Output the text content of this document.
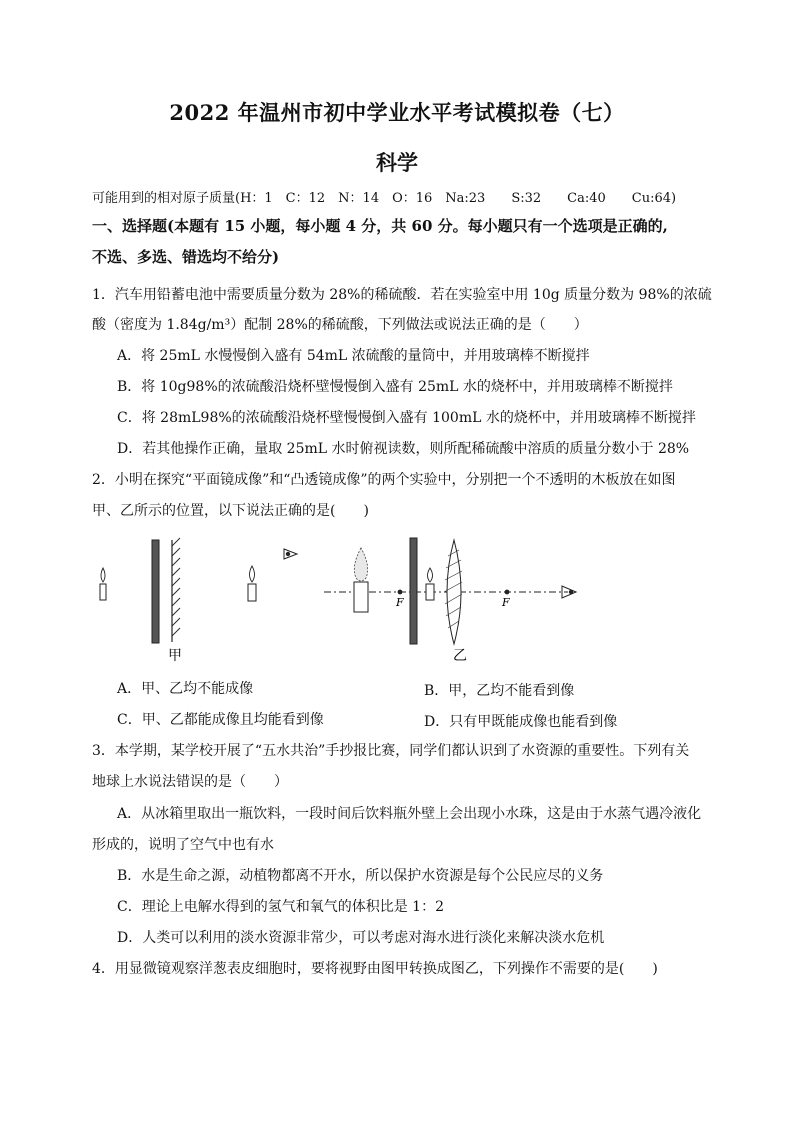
2022 年温州市初中学业水平考试模拟卷（七）
科学
可能用到的相对原子质量(H：1　C：12　N：14　O：16　Na:23　　S:32　　Ca:40　　Cu:64)
一、选择题(本题有 15 小题，每小题 4 分，共 60 分。每小题只有一个选项是正确的,
不选、多选、错选均不给分)
1．汽车用铅蓄电池中需要质量分数为 28%的稀硫酸．若在实验室中用 10g 质量分数为 98%的浓硫
酸（密度为 1.84g/m³）配制 28%的稀硫酸，下列做法或说法正确的是（　　）
A．将 25mL 水慢慢倒入盛有 54mL 浓硫酸的量筒中，并用玻璃棒不断搅拌
B．将 10g98%的浓硫酸沿烧杯壁慢慢倒入盛有 25mL 水的烧杯中，并用玻璃棒不断搅拌
C．将 28mL98%的浓硫酸沿烧杯壁慢慢倒入盛有 100mL 水的烧杯中，并用玻璃棒不断搅拌
D．若其他操作正确，量取 25mL 水时俯视读数，则所配稀硫酸中溶质的质量分数小于 28%
2．小明在探究“平面镜成像”和“凸透镜成像”的两个实验中，分别把一个不透明的木板放在如图
甲、乙所示的位置，以下说法正确的是(　　)
甲
F	F
乙
A．甲、乙均不能成像	B．甲，乙均不能看到像
C．甲、乙都能成像且均能看到像	D．只有甲既能成像也能看到像
3．本学期，某学校开展了“五水共治”手抄报比赛，同学们都认识到了水资源的重要性。下列有关
地球上水说法错误的是（　　）
A．从冰箱里取出一瓶饮料，一段时间后饮料瓶外壁上会出现小水珠，这是由于水蒸气遇冷液化
形成的，说明了空气中也有水
B．水是生命之源，动植物都离不开水，所以保护水资源是每个公民应尽的义务
C．理论上电解水得到的氢气和氧气的体积比是 1：2
D．人类可以利用的淡水资源非常少，可以考虑对海水进行淡化来解决淡水危机
4．用显微镜观察洋葱表皮细胞时，要将视野由图甲转换成图乙，下列操作不需要的是(　　)
